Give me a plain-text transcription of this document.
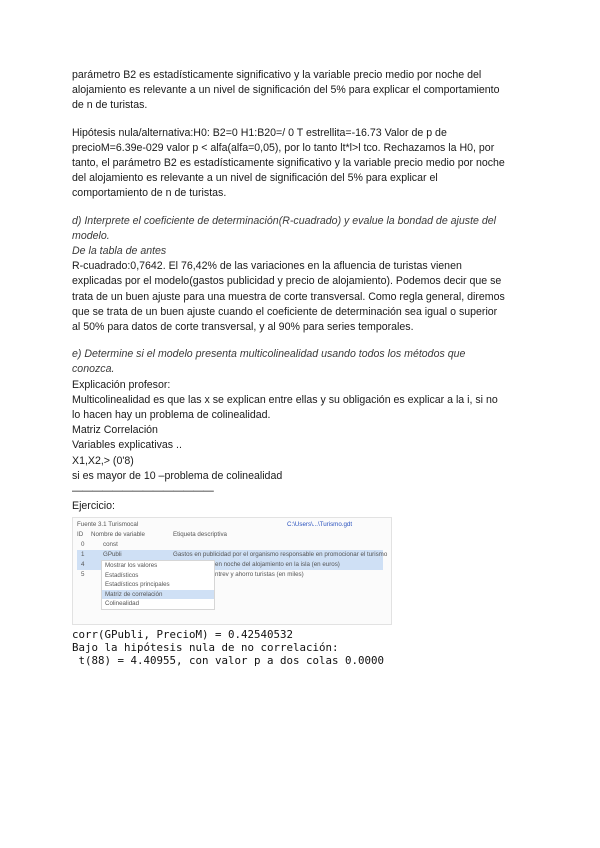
parámetro B2 es estadísticamente significativo y la variable precio medio por noche del

alojamiento es relevante a un nivel de significación del 5% para explicar el comportamiento

de n de turistas.

Hipótesis nula/alternativa:H0: B2=0 H1:B20=/ 0 T estrellita=-16.73 Valor de p de

precioM=6.39e-029 valor p < alfa(alfa=0,05), por lo tanto lt*l>l tco. Rechazamos la H0, por

tanto, el parámetro B2 es estadísticamente significativo y la variable precio medio por noche

del alojamiento es relevante a un nivel de significación del 5% para explicar el

comportamiento de n de turistas.

d) Interprete el coeficiente de determinación(R-cuadrado) y evalue la bondad de ajuste del

modelo.

De la tabla de antes

R-cuadrado:0,7642. El 76,42% de las variaciones en la afluencia de turistas vienen

explicadas por el modelo(gastos publicidad y precio de alojamiento). Podemos decir que se

trata de un buen ajuste para una muestra de corte transversal. Como regla general, diremos

que se trata de un buen ajuste cuando el coeficiente de determinación sea igual o superior

al 50% para datos de corte transversal, y al 90% para series temporales.

e) Determine si el modelo presenta multicolinealidad usando todos los métodos que

conozca.

Explicación profesor:

Multicolinealidad es que las x se explican entre ellas y su obligación es explicar a la i, si no

lo hacen hay un problema de colinealidad.

Matriz Correlación

Variables explicativas ..

X1,X2,> (0'8)

si es mayor de 10 –problema de colinealidad

——————————————

Ejercicio:

Fuente 3.1 Turismocal	C:\Users\...\Turismo.gdt
ID Nombre de variable	Etiqueta descriptiva
0	const
1	GPubli	Gastos en publicidad por el organismo responsable en promocionar el turismo
4	en noche del alojamiento en la isla (en euros)
5	ntrev y ahorro turistas (en miles)
Mostrar los valores
Estadísticos
Estadísticos principales
Matriz de correlación
Colinealidad
corr(GPubli, PrecioM) = 0.42540532
Bajo la hipótesis nula de no correlación:
t(88) = 4.40955, con valor p a dos colas 0.0000
